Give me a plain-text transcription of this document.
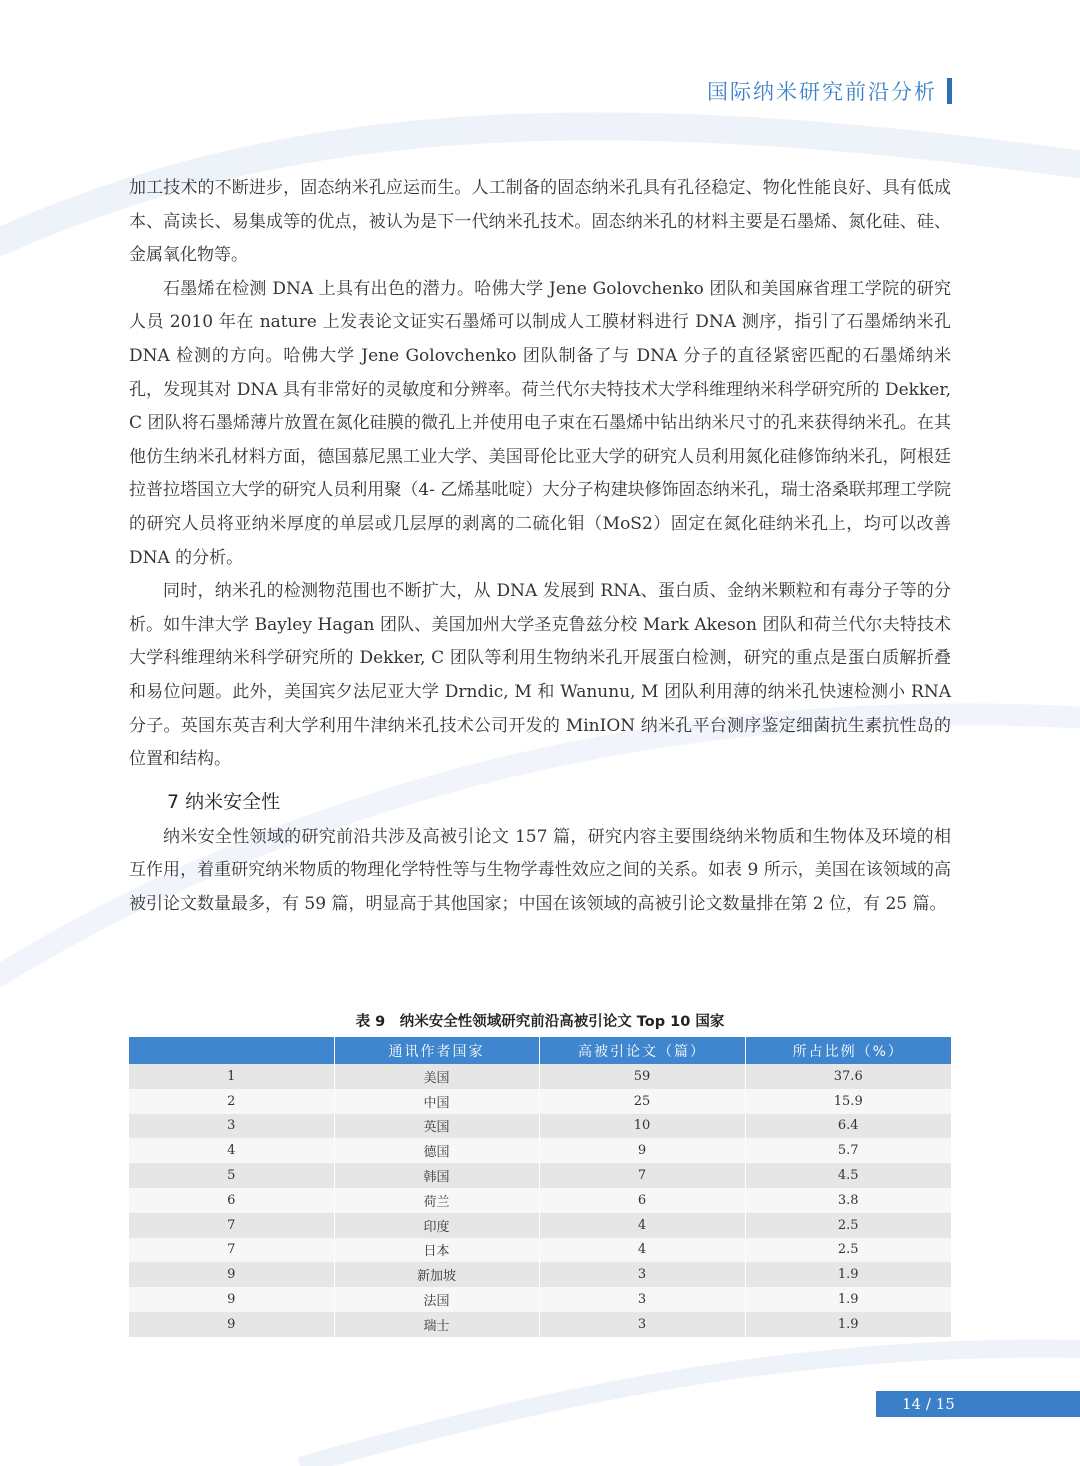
国际纳米研究前沿分析

加工技术的不断进步，固态纳米孔应运而生。人工制备的固态纳米孔具有孔径稳定、物化性能良好、具有低成本、高读长、易集成等的优点，被认为是下一代纳米孔技术。固态纳米孔的材料主要是石墨烯、氮化硅、硅、金属氧化物等。

石墨烯在检测 DNA 上具有出色的潜力。哈佛大学 Jene Golovchenko 团队和美国麻省理工学院的研究人员 2010 年在 nature 上发表论文证实石墨烯可以制成人工膜材料进行 DNA 测序，指引了石墨烯纳米孔 DNA 检测的方向。哈佛大学 Jene Golovchenko 团队制备了与 DNA 分子的直径紧密匹配的石墨烯纳米孔，发现其对 DNA 具有非常好的灵敏度和分辨率。荷兰代尔夫特技术大学科维理纳米科学研究所的 Dekker, C 团队将石墨烯薄片放置在氮化硅膜的微孔上并使用电子束在石墨烯中钻出纳米尺寸的孔来获得纳米孔。在其他仿生纳米孔材料方面，德国慕尼黑工业大学、美国哥伦比亚大学的研究人员利用氮化硅修饰纳米孔，阿根廷拉普拉塔国立大学的研究人员利用聚（4- 乙烯基吡啶）大分子构建块修饰固态纳米孔，瑞士洛桑联邦理工学院的研究人员将亚纳米厚度的单层或几层厚的剥离的二硫化钼（MoS2）固定在氮化硅纳米孔上，均可以改善 DNA 的分析。

同时，纳米孔的检测物范围也不断扩大，从 DNA 发展到 RNA、蛋白质、金纳米颗粒和有毒分子等的分析。如牛津大学 Bayley Hagan 团队、美国加州大学圣克鲁兹分校 Mark Akeson 团队和荷兰代尔夫特技术大学科维理纳米科学研究所的 Dekker, C 团队等利用生物纳米孔开展蛋白检测，研究的重点是蛋白质解折叠和易位问题。此外，美国宾夕法尼亚大学 Drndic, M 和 Wanunu, M 团队利用薄的纳米孔快速检测小 RNA 分子。英国东英吉利大学利用牛津纳米孔技术公司开发的 MinION 纳米孔平台测序鉴定细菌抗生素抗性岛的位置和结构。

7 纳米安全性

纳米安全性领域的研究前沿共涉及高被引论文 157 篇，研究内容主要围绕纳米物质和生物体及环境的相互作用，着重研究纳米物质的物理化学特性等与生物学毒性效应之间的关系。如表 9 所示，美国在该领域的高被引论文数量最多，有 59 篇，明显高于其他国家；中国在该领域的高被引论文数量排在第 2 位，有 25 篇。

表 9　纳米安全性领域研究前沿高被引论文 Top 10 国家
	通讯作者国家	高被引论文（篇）	所占比例（%）
1	美国	59	37.6
2	中国	25	15.9
3	英国	10	6.4
4	德国	9	5.7
5	韩国	7	4.5
6	荷兰	6	3.8
7	印度	4	2.5
7	日本	4	2.5
9	新加坡	3	1.9
9	法国	3	1.9
9	瑞士	3	1.9
14 / 15
